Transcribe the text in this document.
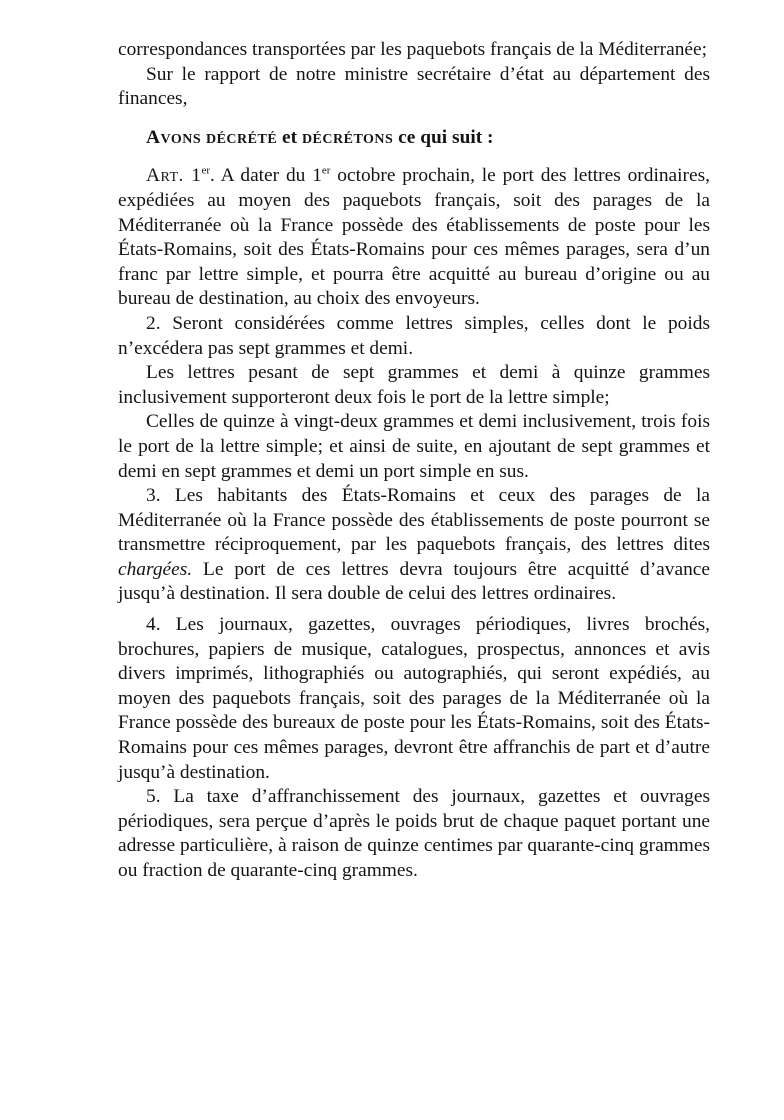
correspondances transportées par les paquebots français de la Méditerranée;

Sur le rapport de notre ministre secrétaire d’état au département des finances,

Avons décrété et décrétons ce qui suit :

Art. 1er. A dater du 1er octobre prochain, le port des lettres ordinaires, expédiées au moyen des paquebots français, soit des parages de la Méditerranée où la France possède des établissements de poste pour les États-Romains, soit des États-Romains pour ces mêmes parages, sera d’un franc par lettre simple, et pourra être acquitté au bureau d’origine ou au bureau de destination, au choix des envoyeurs.

2. Seront considérées comme lettres simples, celles dont le poids n’excédera pas sept grammes et demi.

Les lettres pesant de sept grammes et demi à quinze grammes inclusivement supporteront deux fois le port de la lettre simple;

Celles de quinze à vingt-deux grammes et demi inclusivement, trois fois le port de la lettre simple; et ainsi de suite, en ajoutant de sept grammes et demi en sept grammes et demi un port simple en sus.

3. Les habitants des États-Romains et ceux des parages de la Méditerranée où la France possède des établissements de poste pourront se transmettre réciproquement, par les paquebots français, des lettres dites chargées. Le port de ces lettres devra toujours être acquitté d’avance jusqu’à destination. Il sera double de celui des lettres ordinaires.

4. Les journaux, gazettes, ouvrages périodiques, livres brochés, brochures, papiers de musique, catalogues, prospectus, annonces et avis divers imprimés, lithographiés ou autographiés, qui seront expédiés, au moyen des paquebots français, soit des parages de la Méditerranée où la France possède des bureaux de poste pour les États-Romains, soit des États-Romains pour ces mêmes parages, devront être affranchis de part et d’autre jusqu’à destination.

5. La taxe d’affranchissement des journaux, gazettes et ouvrages périodiques, sera perçue d’après le poids brut de chaque paquet portant une adresse particulière, à raison de quinze centimes par quarante-cinq grammes ou fraction de quarante-cinq grammes.
